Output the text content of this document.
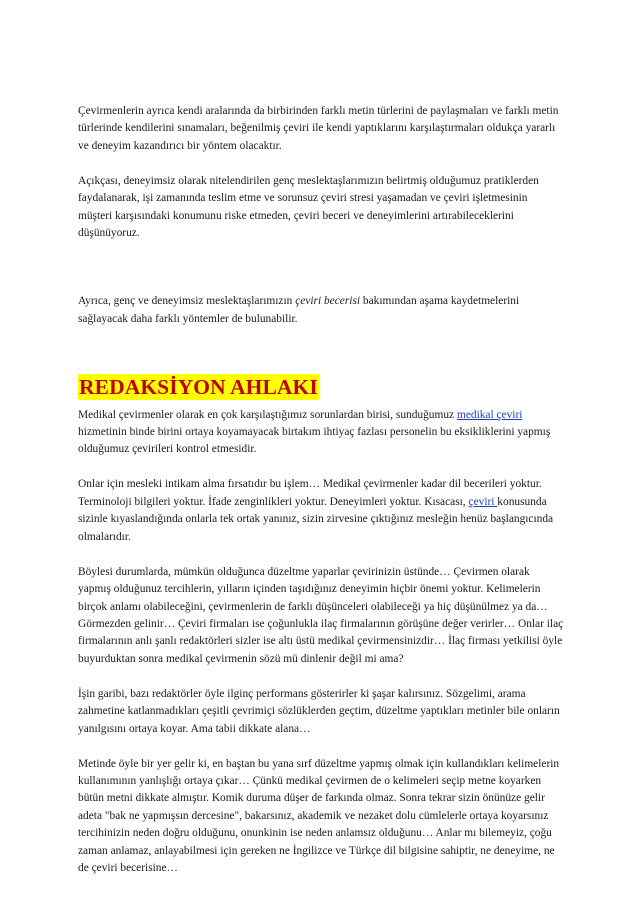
Çevirmenlerin ayrıca kendi aralarında da birbirinden farklı metin türlerini de paylaşmaları ve farklı metin türlerinde kendilerini sınamaları, beğenilmiş çeviri ile kendi yaptıklarını karşılaştırmaları oldukça yararlı ve deneyim kazandırıcı bir yöntem olacaktır.

Açıkçası, deneyimsiz olarak nitelendirilen genç meslektaşlarımızın belirtmiş olduğumuz pratiklerden faydalanarak, işi zamanında teslim etme ve sorunsuz çeviri stresi yaşamadan ve çeviri işletmesinin müşteri karşısındaki konumunu riske etmeden, çeviri beceri ve deneyimlerini artırabileceklerini düşünüyoruz.

Ayrıca, genç ve deneyimsiz meslektaşlarımızın çeviri becerisi bakımından aşama kaydetmelerini sağlayacak daha farklı yöntemler de bulunabilir.

REDAKSİYON AHLAKI

Medikal çevirmenler olarak en çok karşılaştığımız sorunlardan birisi, sunduğumuz medikal çeviri hizmetinin binde birini ortaya koyamayacak birtakım ihtiyaç fazlası personelin bu eksikliklerini yapmış olduğumuz çevirileri kontrol etmesidir.

Onlar için mesleki intikam alma fırsatıdır bu işlem… Medikal çevirmenler kadar dil becerileri yoktur. Terminoloji bilgileri yoktur. İfade zenginlikleri yoktur. Deneyimleri yoktur. Kısacası, çeviri konusunda sizinle kıyaslandığında onlarla tek ortak yanınız, sizin zirvesine çıktığınız mesleğin henüz başlangıcında olmalarıdır.

Böylesi durumlarda, mümkün olduğunca düzeltme yaparlar çevirinizin üstünde… Çevirmen olarak yapmış olduğunuz tercihlerin, yılların içinden taşıdığınız deneyimin hiçbir önemi yoktur. Kelimelerin birçok anlamı olabileceğini, çevirmenlerin de farklı düşünceleri olabileceği ya hiç düşünülmez ya da… Görmezden gelinir… Çeviri firmaları ise çoğunlukla ilaç firmalarının görüşüne değer verirler… Onlar ilaç firmalarının anlı şanlı redaktörleri sizler ise altı üstü medikal çevirmensinizdir… İlaç firması yetkilisi öyle buyurduktan sonra medikal çevirmenin sözü mü dinlenir değil mi ama?

İşin garibi, bazı redaktörler öyle ilginç performans gösterirler ki şaşar kalırsınız. Sözgelimi, arama zahmetine katlanmadıkları çeşitli çevrimiçi sözlüklerden geçtim, düzeltme yaptıkları metinler bile onların yanılgısını ortaya koyar. Ama tabii dikkate alana…

Metinde öyle bir yer gelir ki, en baştan bu yana sırf düzeltme yapmış olmak için kullandıkları kelimelerin kullanımının yanlışlığı ortaya çıkar… Çünkü medikal çevirmen de o kelimeleri seçip metne koyarken bütün metni dikkate almıştır. Komik duruma düşer de farkında olmaz. Sonra tekrar sizin önünüze gelir adeta "bak ne yapmışsın dercesine", bakarsınız, akademik ve nezaket dolu cümlelerle ortaya koyarsınız tercihinizin neden doğru olduğunu, onunkinin ise neden anlamsız olduğunu… Anlar mı bilemeyiz, çoğu zaman anlamaz, anlayabilmesi için gereken ne İngilizce ve Türkçe dil bilgisine sahiptir, ne deneyime, ne de çeviri becerisine…
